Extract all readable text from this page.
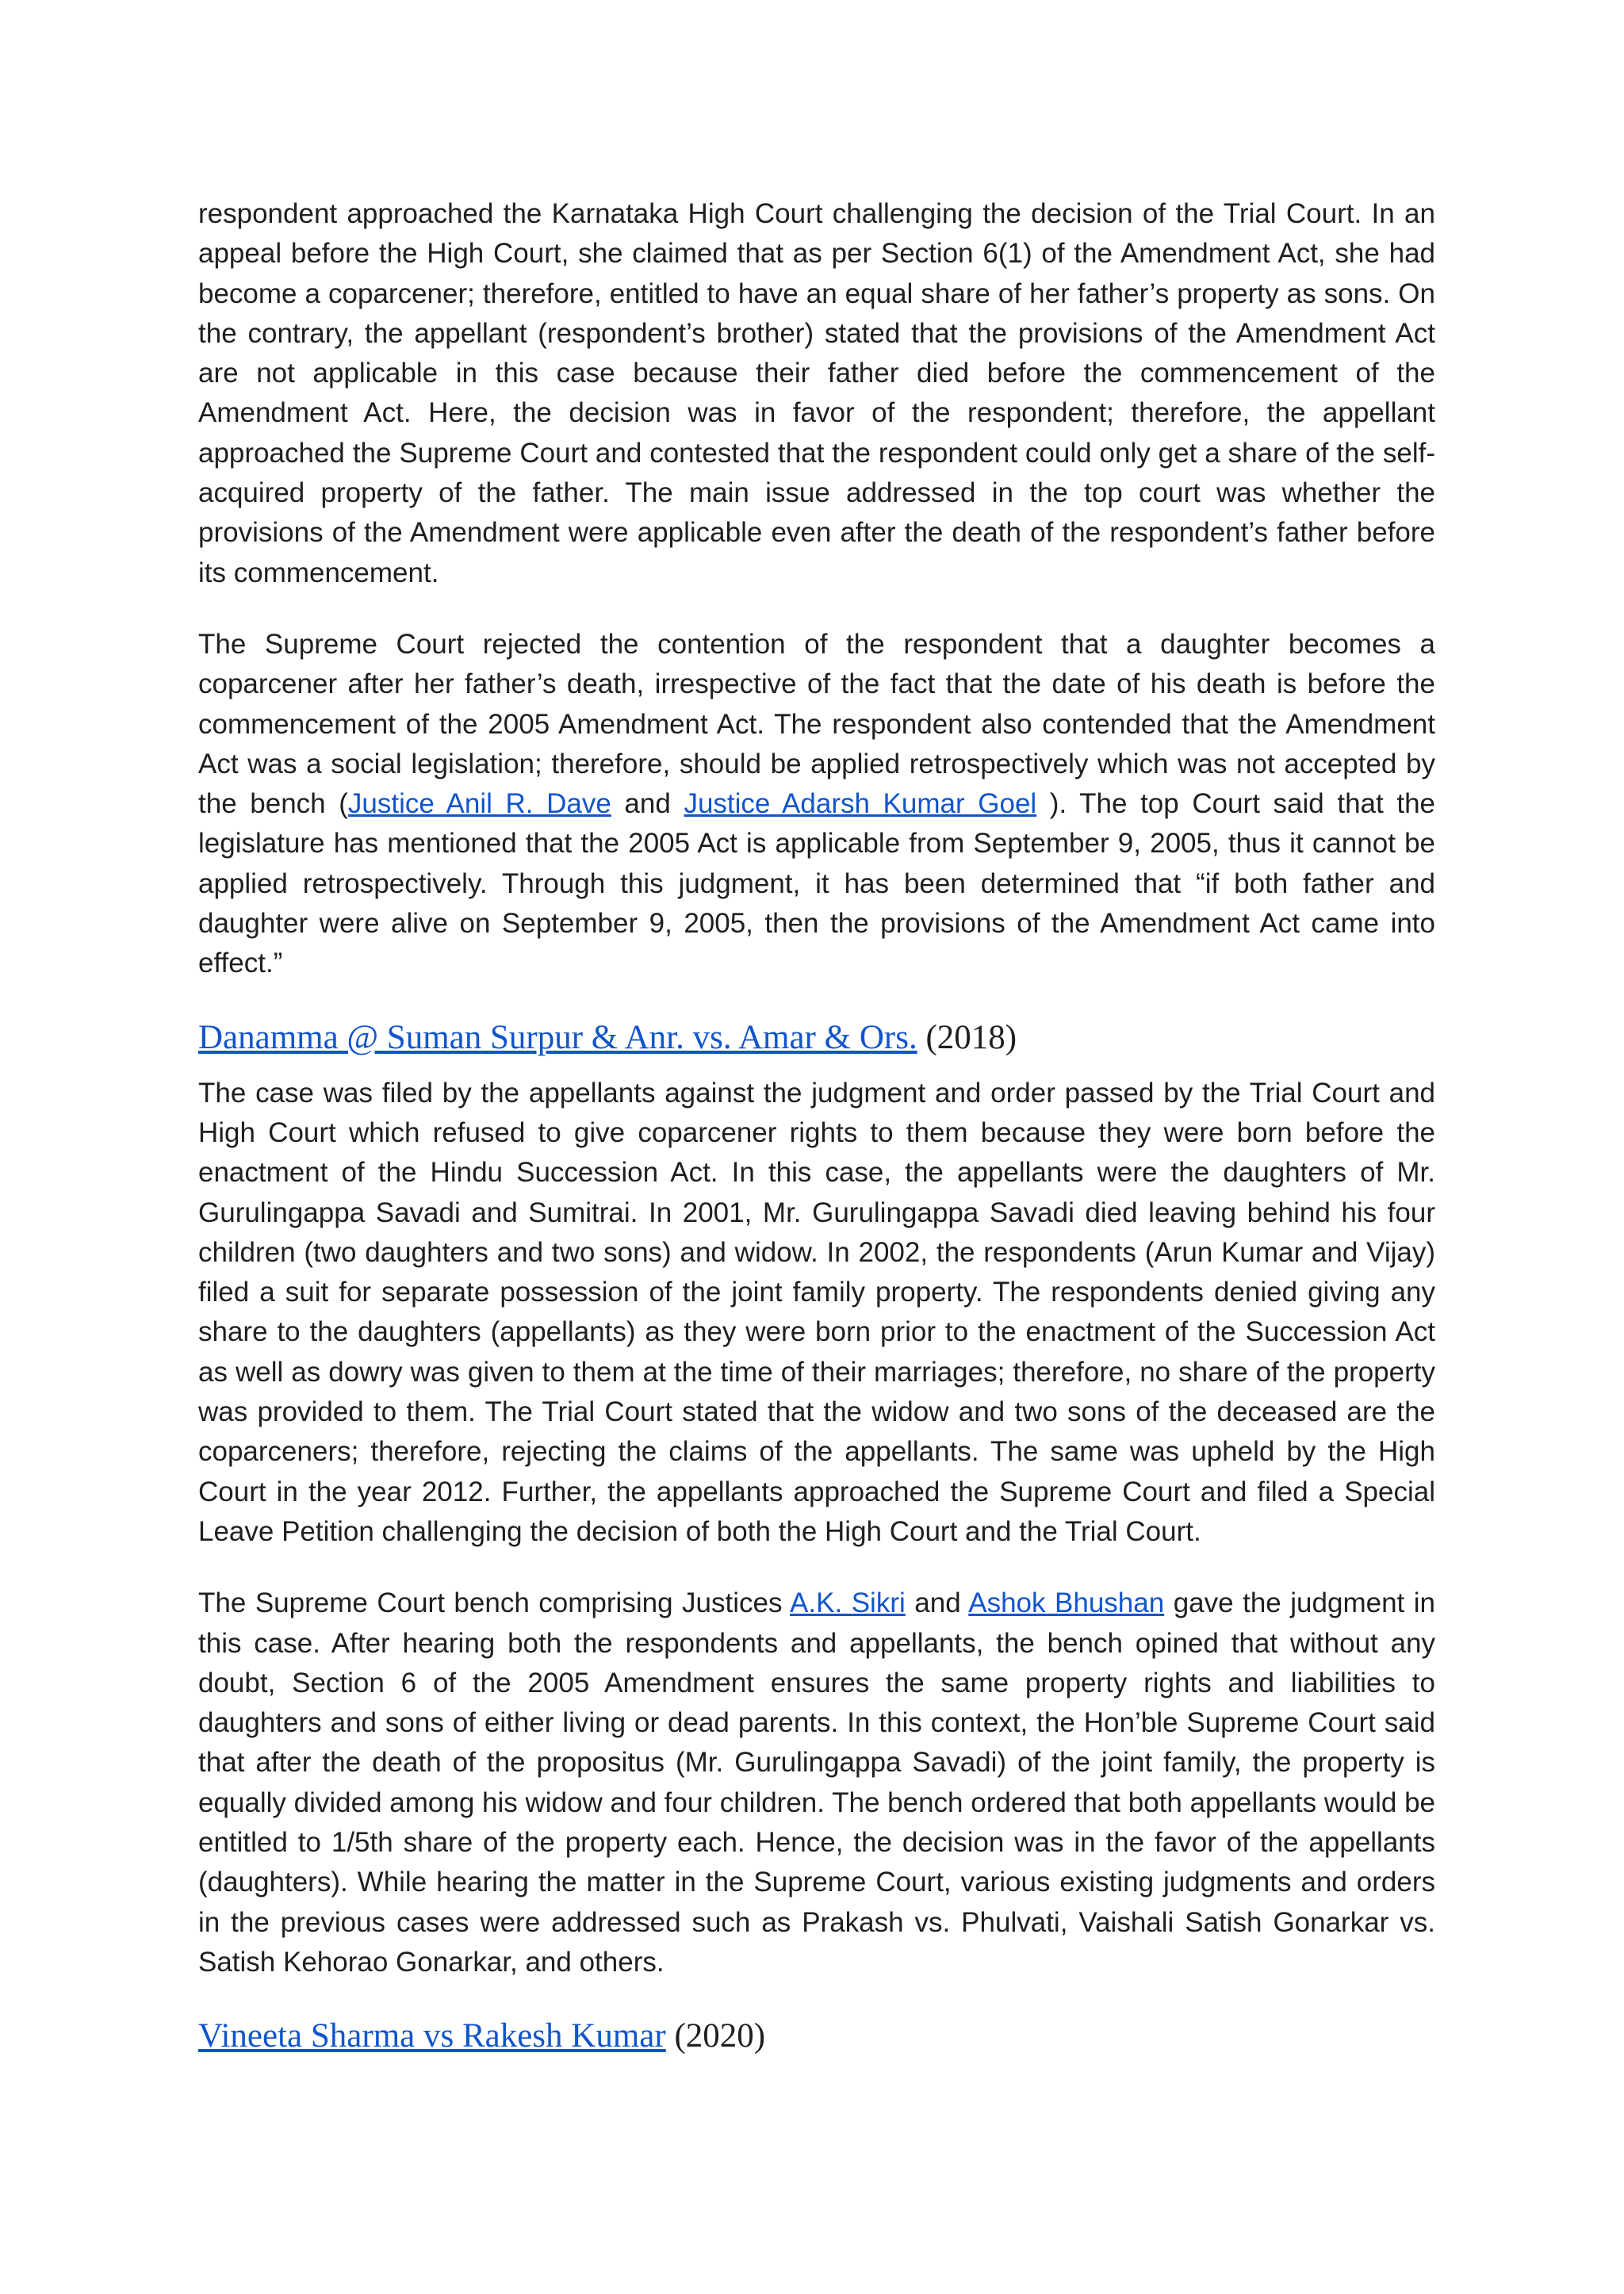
respondent approached the Karnataka High Court challenging the decision of the Trial Court. In an appeal before the High Court, she claimed that as per Section 6(1) of the Amendment Act, she had become a coparcener; therefore, entitled to have an equal share of her father’s property as sons. On the contrary, the appellant (respondent’s brother) stated that the provisions of the Amendment Act are not applicable in this case because their father died before the commencement of the Amendment Act. Here, the decision was in favor of the respondent; therefore, the appellant approached the Supreme Court and contested that the respondent could only get a share of the self-acquired property of the father. The main issue addressed in the top court was whether the provisions of the Amendment were applicable even after the death of the respondent’s father before its commencement.

The Supreme Court rejected the contention of the respondent that a daughter becomes a coparcener after her father’s death, irrespective of the fact that the date of his death is before the commencement of the 2005 Amendment Act. The respondent also contended that the Amendment Act was a social legislation; therefore, should be applied retrospectively which was not accepted by the bench (Justice Anil R. Dave and Justice Adarsh Kumar Goel ). The top Court said that the legislature has mentioned that the 2005 Act is applicable from September 9, 2005, thus it cannot be applied retrospectively. Through this judgment, it has been determined that “if both father and daughter were alive on September 9, 2005, then the provisions of the Amendment Act came into effect.”

Danamma @ Suman Surpur & Anr. vs. Amar & Ors. (2018)

The case was filed by the appellants against the judgment and order passed by the Trial Court and High Court which refused to give coparcener rights to them because they were born before the enactment of the Hindu Succession Act. In this case, the appellants were the daughters of Mr. Gurulingappa Savadi and Sumitrai. In 2001, Mr. Gurulingappa Savadi died leaving behind his four children (two daughters and two sons) and widow. In 2002, the respondents (Arun Kumar and Vijay) filed a suit for separate possession of the joint family property. The respondents denied giving any share to the daughters (appellants) as they were born prior to the enactment of the Succession Act as well as dowry was given to them at the time of their marriages; therefore, no share of the property was provided to them. The Trial Court stated that the widow and two sons of the deceased are the coparceners; therefore, rejecting the claims of the appellants. The same was upheld by the High Court in the year 2012. Further, the appellants approached the Supreme Court and filed a Special Leave Petition challenging the decision of both the High Court and the Trial Court.

The Supreme Court bench comprising Justices A.K. Sikri and Ashok Bhushan gave the judgment in this case. After hearing both the respondents and appellants, the bench opined that without any doubt, Section 6 of the 2005 Amendment ensures the same property rights and liabilities to daughters and sons of either living or dead parents. In this context, the Hon’ble Supreme Court said that after the death of the propositus (Mr. Gurulingappa Savadi) of the joint family, the property is equally divided among his widow and four children. The bench ordered that both appellants would be entitled to 1/5th share of the property each. Hence, the decision was in the favor of the appellants (daughters). While hearing the matter in the Supreme Court, various existing judgments and orders in the previous cases were addressed such as Prakash vs. Phulvati, Vaishali Satish Gonarkar vs. Satish Kehorao Gonarkar, and others.

Vineeta Sharma vs Rakesh Kumar (2020)
